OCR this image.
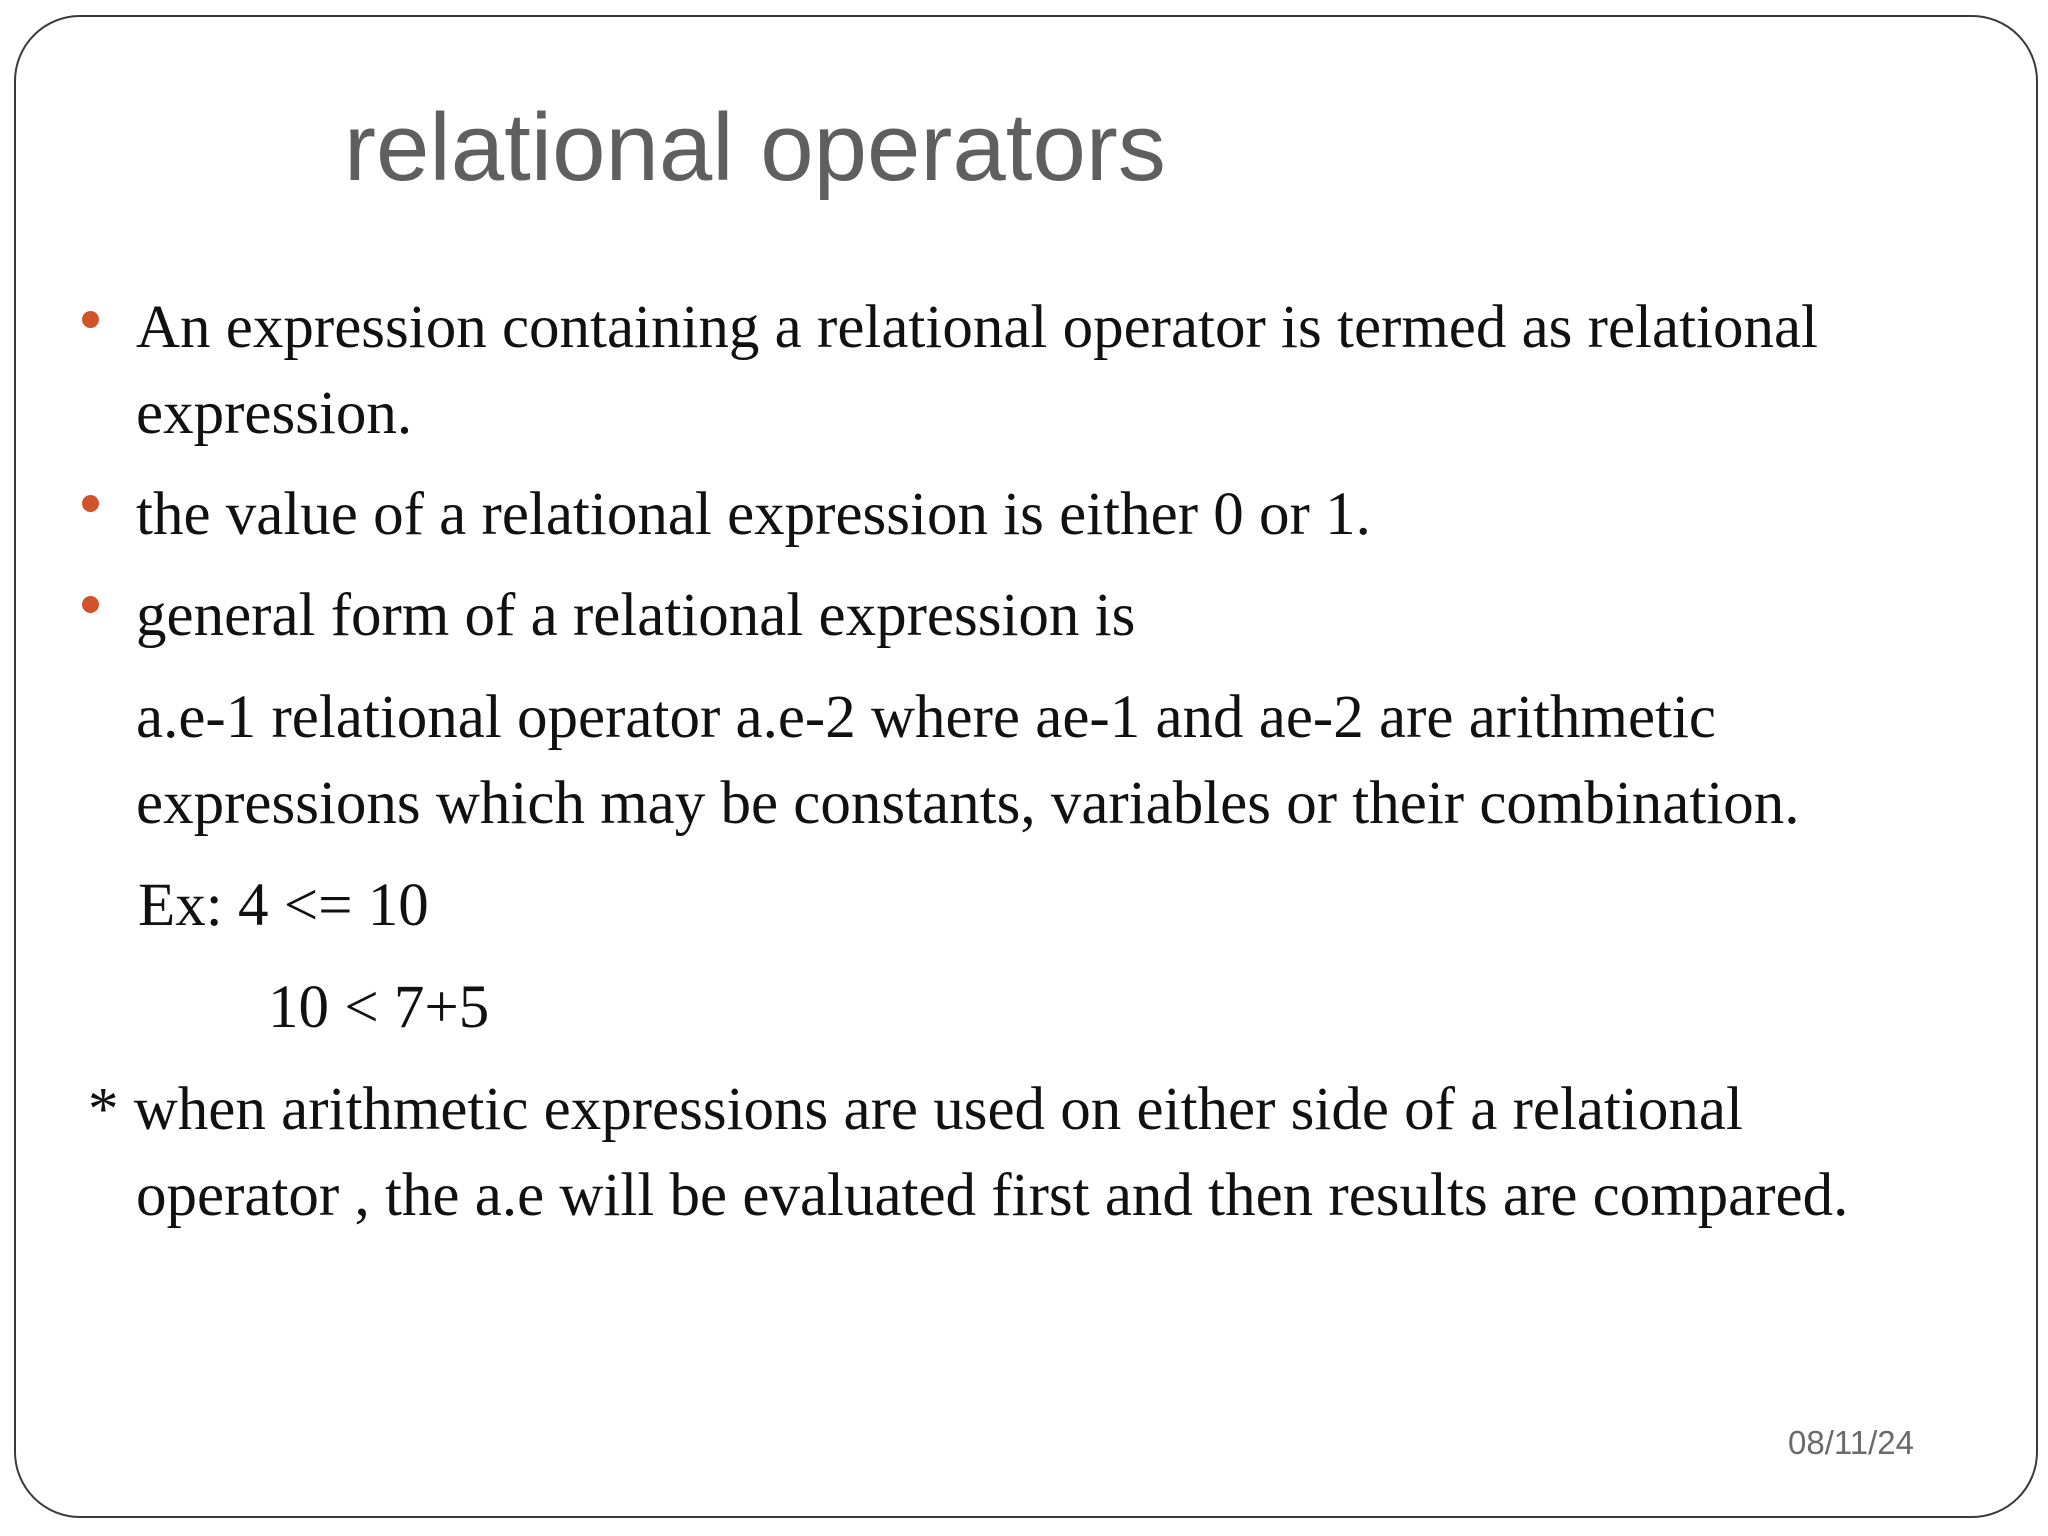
relational operators
An expression containing a relational operator is termed as relational
expression.
the value of a relational expression is either 0 or 1.
general form of a relational expression is
a.e-1 relational operator a.e-2 where ae-1 and ae-2 are arithmetic
expressions which may be constants, variables or their combination.
Ex: 4 <= 10
10 < 7+5
* when arithmetic expressions are used on either side of a relational
operator , the a.e will be evaluated first and then results are compared.
08/11/24
